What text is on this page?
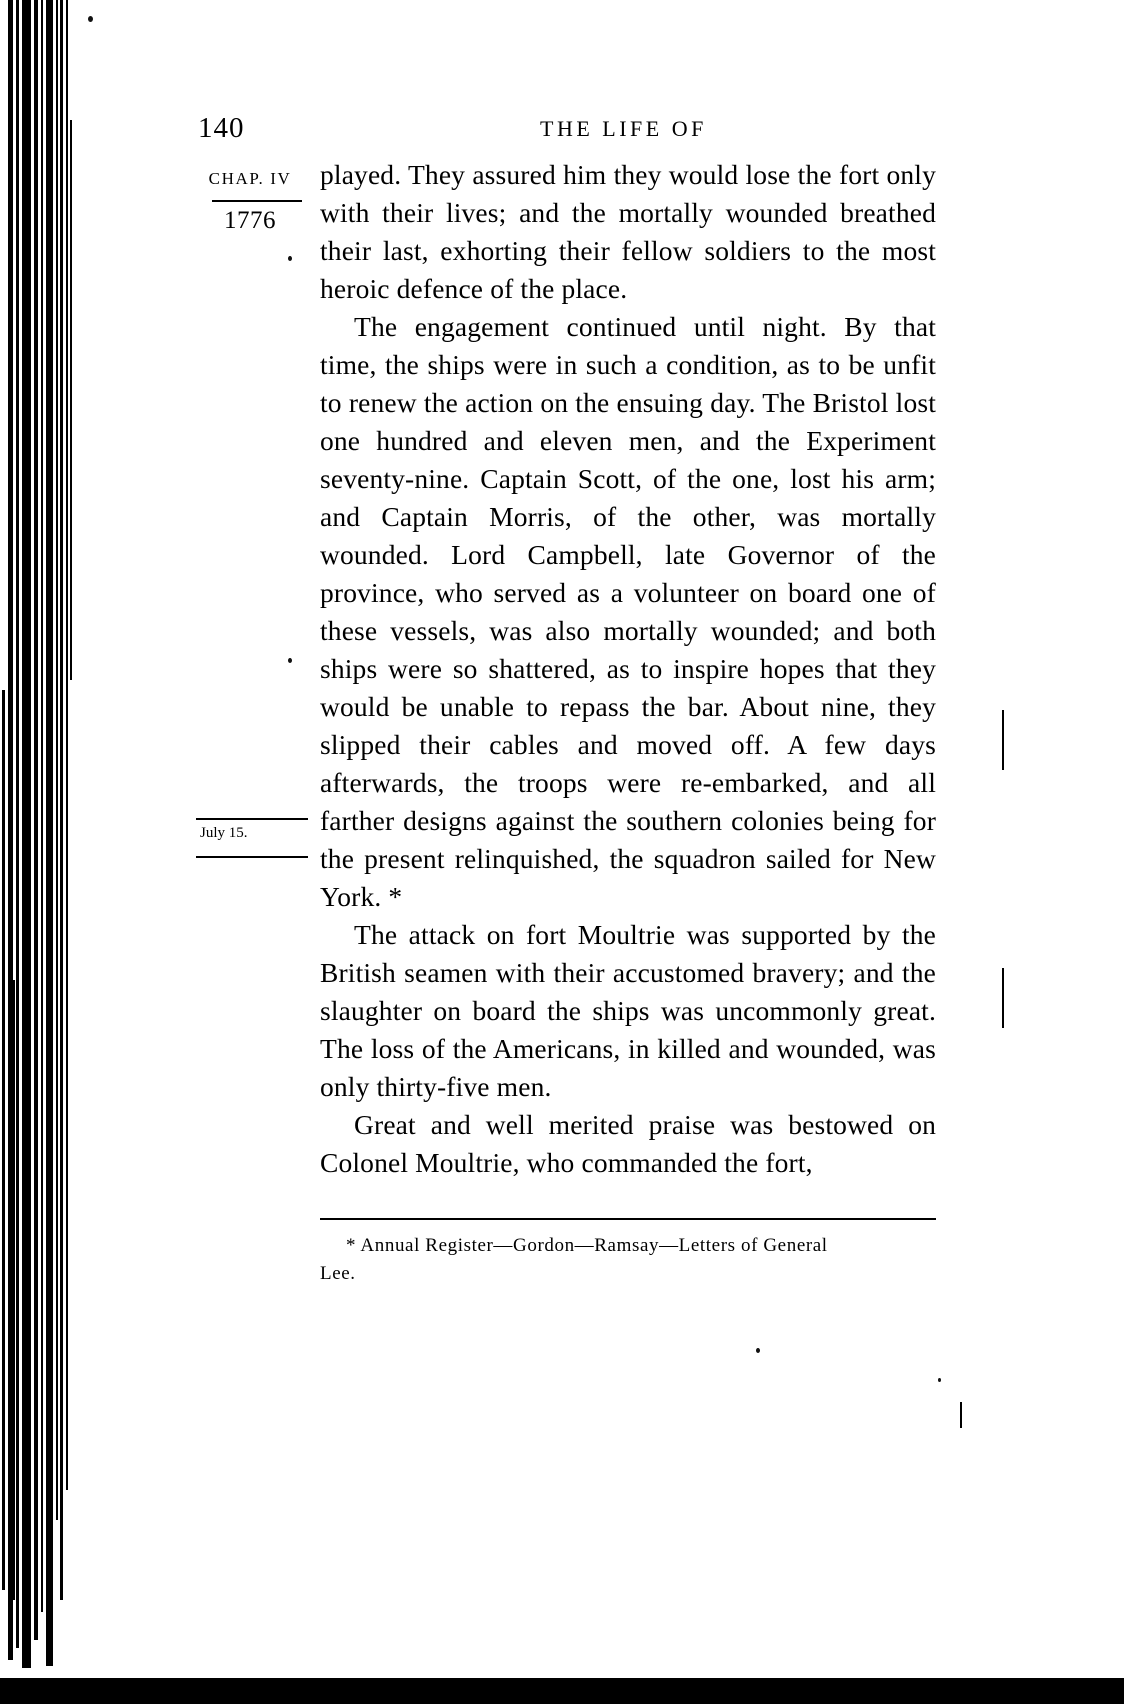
140	THE LIFE OF
CHAP. IV
1776
July 15.

played. They assured him they would lose the fort only with their lives; and the mortally wounded breathed their last, exhorting their fellow soldiers to the most heroic defence of the place.

The engagement continued until night. By that time, the ships were in such a condition, as to be unfit to renew the action on the ensuing day. The Bristol lost one hundred and eleven men, and the Experiment seventy-nine. Captain Scott, of the one, lost his arm; and Captain Morris, of the other, was mortally wounded. Lord Campbell, late Governor of the province, who served as a volunteer on board one of these vessels, was also mortally wounded; and both ships were so shattered, as to inspire hopes that they would be unable to repass the bar. About nine, they slipped their cables and moved off. A few days afterwards, the troops were re-embarked, and all farther designs against the southern colonies being for the present relinquished, the squadron sailed for New York. *

The attack on fort Moultrie was supported by the British seamen with their accustomed bravery; and the slaughter on board the ships was uncommonly great. The loss of the Americans, in killed and wounded, was only thirty-five men.

Great and well merited praise was bestowed on Colonel Moultrie, who commanded the fort,

* Annual Register—Gordon—Ramsay—Letters of General
Lee.
